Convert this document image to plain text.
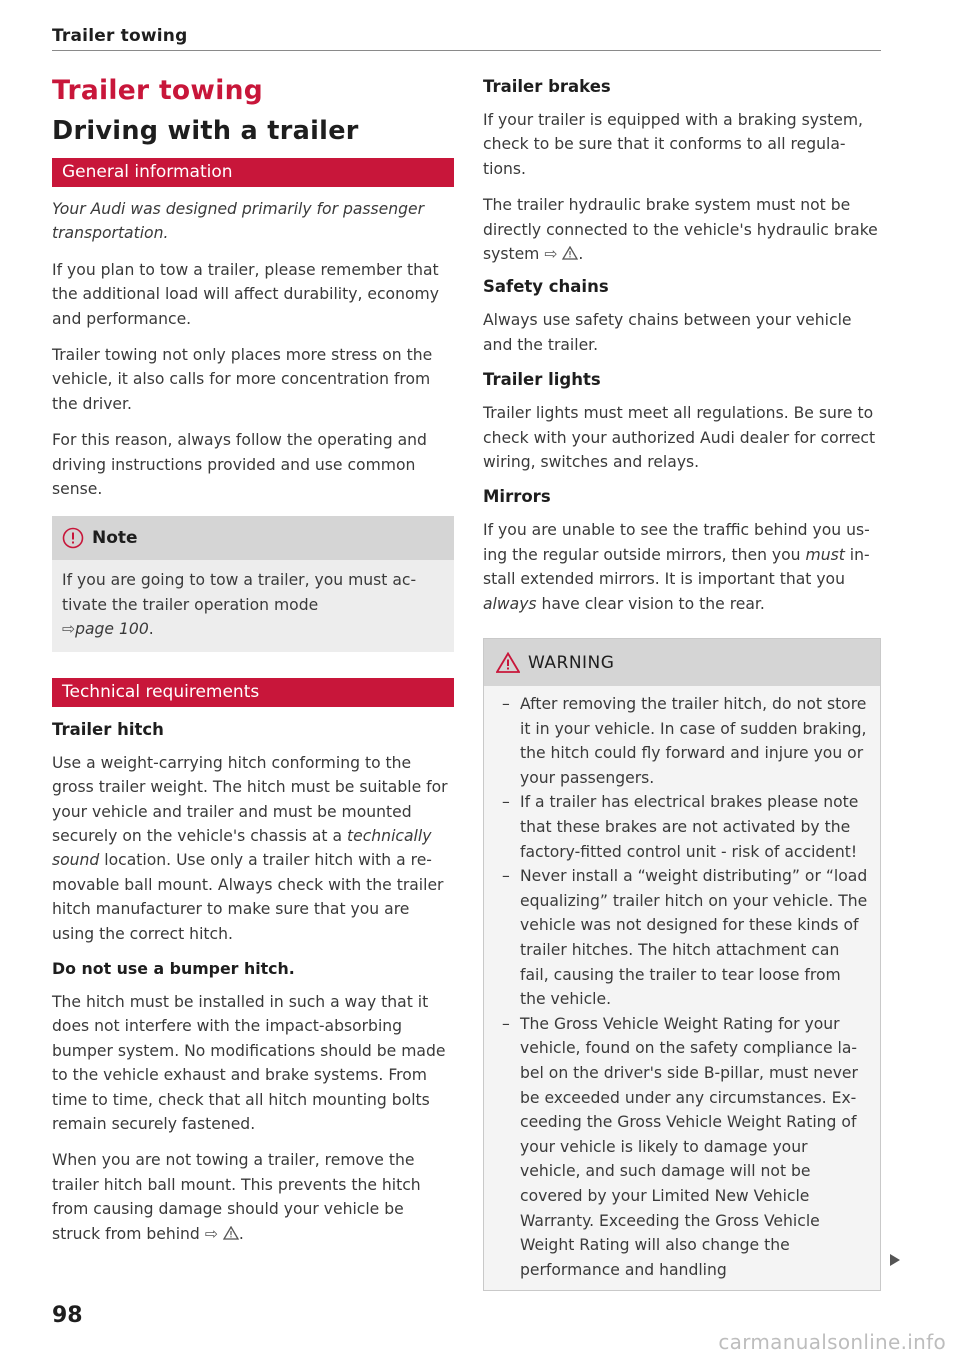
Trailer towing
Trailer towing
Driving with a trailer
General information

Your Audi was designed primarily for passenger transportation.

If you plan to tow a trailer, please remember that the additional load will affect durability, economy and performance.

Trailer towing not only places more stress on the vehicle, it also calls for more concentration from the driver.

For this reason, always follow the operating and driving instructions provided and use common sense.

Note

If you are going to tow a trailer, you must activate the trailer operation mode
⇨page 100.

Technical requirements
Trailer hitch

Use a weight-carrying hitch conforming to the gross trailer weight. The hitch must be suitable for your vehicle and trailer and must be mounted securely on the vehicle's chassis at a technically sound location. Use only a trailer hitch with a removable ball mount. Always check with the trailer hitch manufacturer to make sure that you are using the correct hitch.

Do not use a bumper hitch.

The hitch must be installed in such a way that it does not interfere with the impact-absorbing bumper system. No modifications should be made to the vehicle exhaust and brake systems. From time to time, check that all hitch mounting bolts remain securely fastened.

When you are not towing a trailer, remove the trailer hitch ball mount. This prevents the hitch from causing damage should your vehicle be struck from behind ⇨ .

Trailer brakes

If your trailer is equipped with a braking system, check to be sure that it conforms to all regulations.

The trailer hydraulic brake system must not be directly connected to the vehicle's hydraulic brake system ⇨ .

Safety chains

Always use safety chains between your vehicle and the trailer.

Trailer lights

Trailer lights must meet all regulations. Be sure to check with your authorized Audi dealer for correct wiring, switches and relays.

Mirrors

If you are unable to see the traffic behind you using the regular outside mirrors, then you must install extended mirrors. It is important that you always have clear vision to the rear.

WARNING
– After removing the trailer hitch, do not store it in your vehicle. In case of sudden braking, the hitch could fly forward and injure you or your passengers.
– If a trailer has electrical brakes please note that these brakes are not activated by the factory-fitted control unit - risk of accident!
– Never install a “weight distributing” or “load equalizing” trailer hitch on your vehicle. The vehicle was not designed for these kinds of trailer hitches. The hitch attachment can fail, causing the trailer to tear loose from the vehicle.
– The Gross Vehicle Weight Rating for your vehicle, found on the safety compliance label on the driver's side B-pillar, must never be exceeded under any circumstances. Exceeding the Gross Vehicle Weight Rating of your vehicle is likely to damage your vehicle, and such damage will not be covered by your Limited New Vehicle Warranty. Exceeding the Gross Vehicle Weight Rating will also change the performance and handling
98
carmanualsonline.info
